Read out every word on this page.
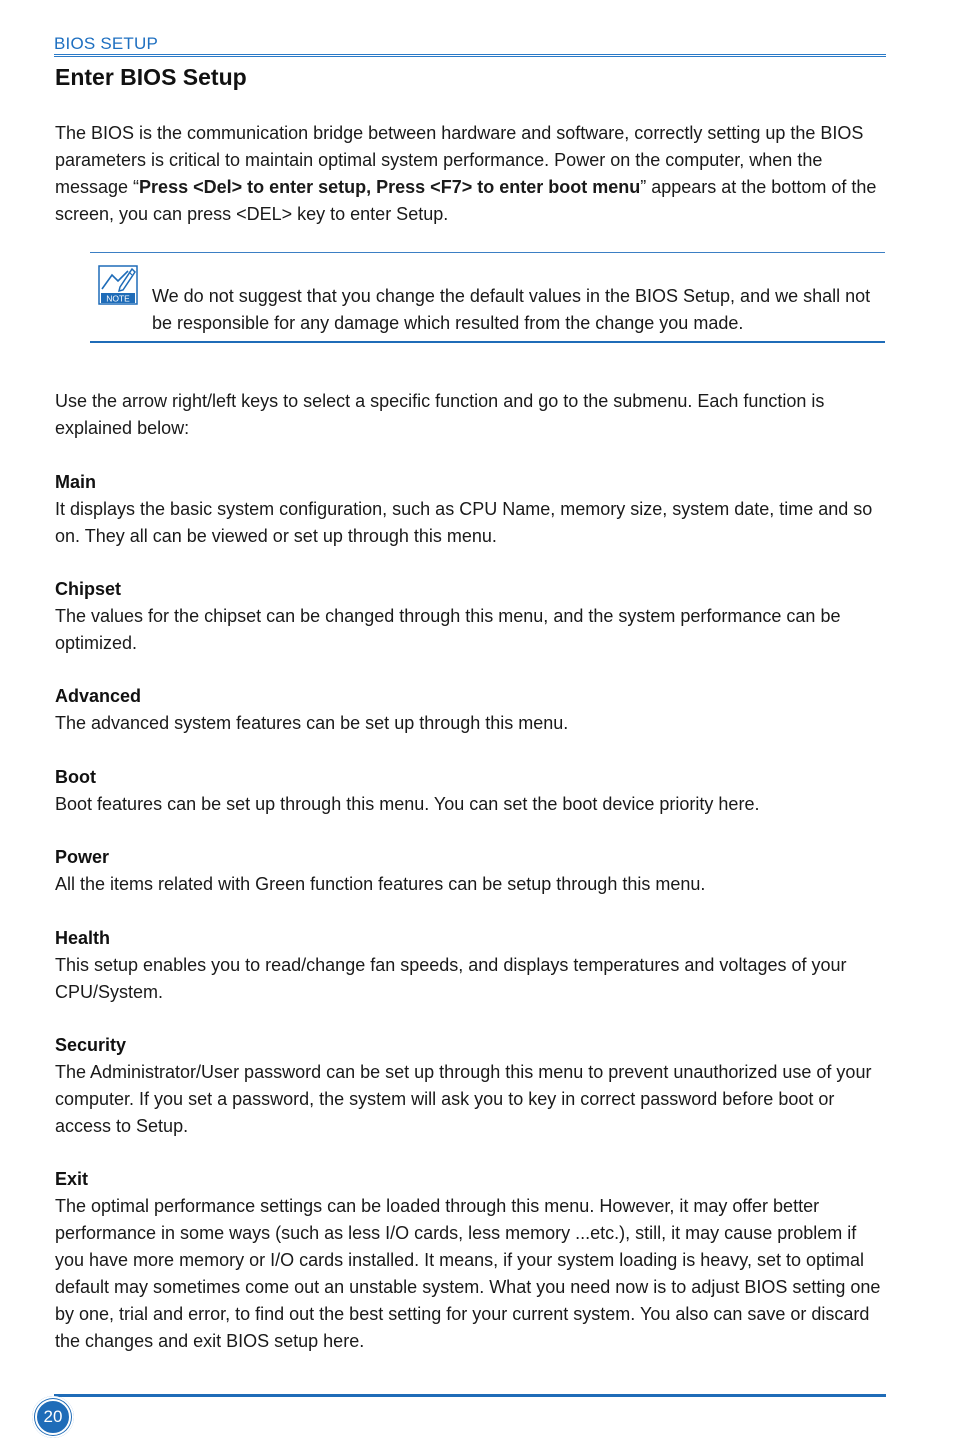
BIOS SETUP
Enter BIOS Setup

The BIOS is the communication bridge between hardware and software, correctly setting up the BIOS parameters is critical to maintain optimal system performance. Power on the computer, when the message “Press <Del> to enter setup, Press <F7> to enter boot menu” appears at the bottom of the screen, you can press <DEL> key to enter Setup.

NOTE We do not suggest that you change the default values in the BIOS Setup, and we shall not be responsible for any damage which resulted from the change you made.

Use the arrow right/left keys to select a specific function and go to the submenu. Each function is explained below:

Main

It displays the basic system configuration, such as CPU Name, memory size, system date, time and so on. They all can be viewed or set up through this menu.

Chipset

The values for the chipset can be changed through this menu, and the system performance can be optimized.

Advanced

The advanced system features can be set up through this menu.

Boot

Boot features can be set up through this menu. You can set the boot device priority here.

Power

All the items related with Green function features can be setup through this menu.

Health

This setup enables you to read/change fan speeds, and displays temperatures and voltages of your CPU/System.

Security

The Administrator/User password can be set up through this menu to prevent unauthorized use of your computer. If you set a password, the system will ask you to key in correct password before boot or access to Setup.

Exit

The optimal performance settings can be loaded through this menu. However, it may offer better performance in some ways (such as less I/O cards, less memory ...etc.), still, it may cause problem if you have more memory or I/O cards installed. It means, if your system loading is heavy, set to optimal default may sometimes come out an unstable system. What you need now is to adjust BIOS setting one by one, trial and error, to find out the best setting for your current system. You also can save or discard the changes and exit BIOS setup here.

20
